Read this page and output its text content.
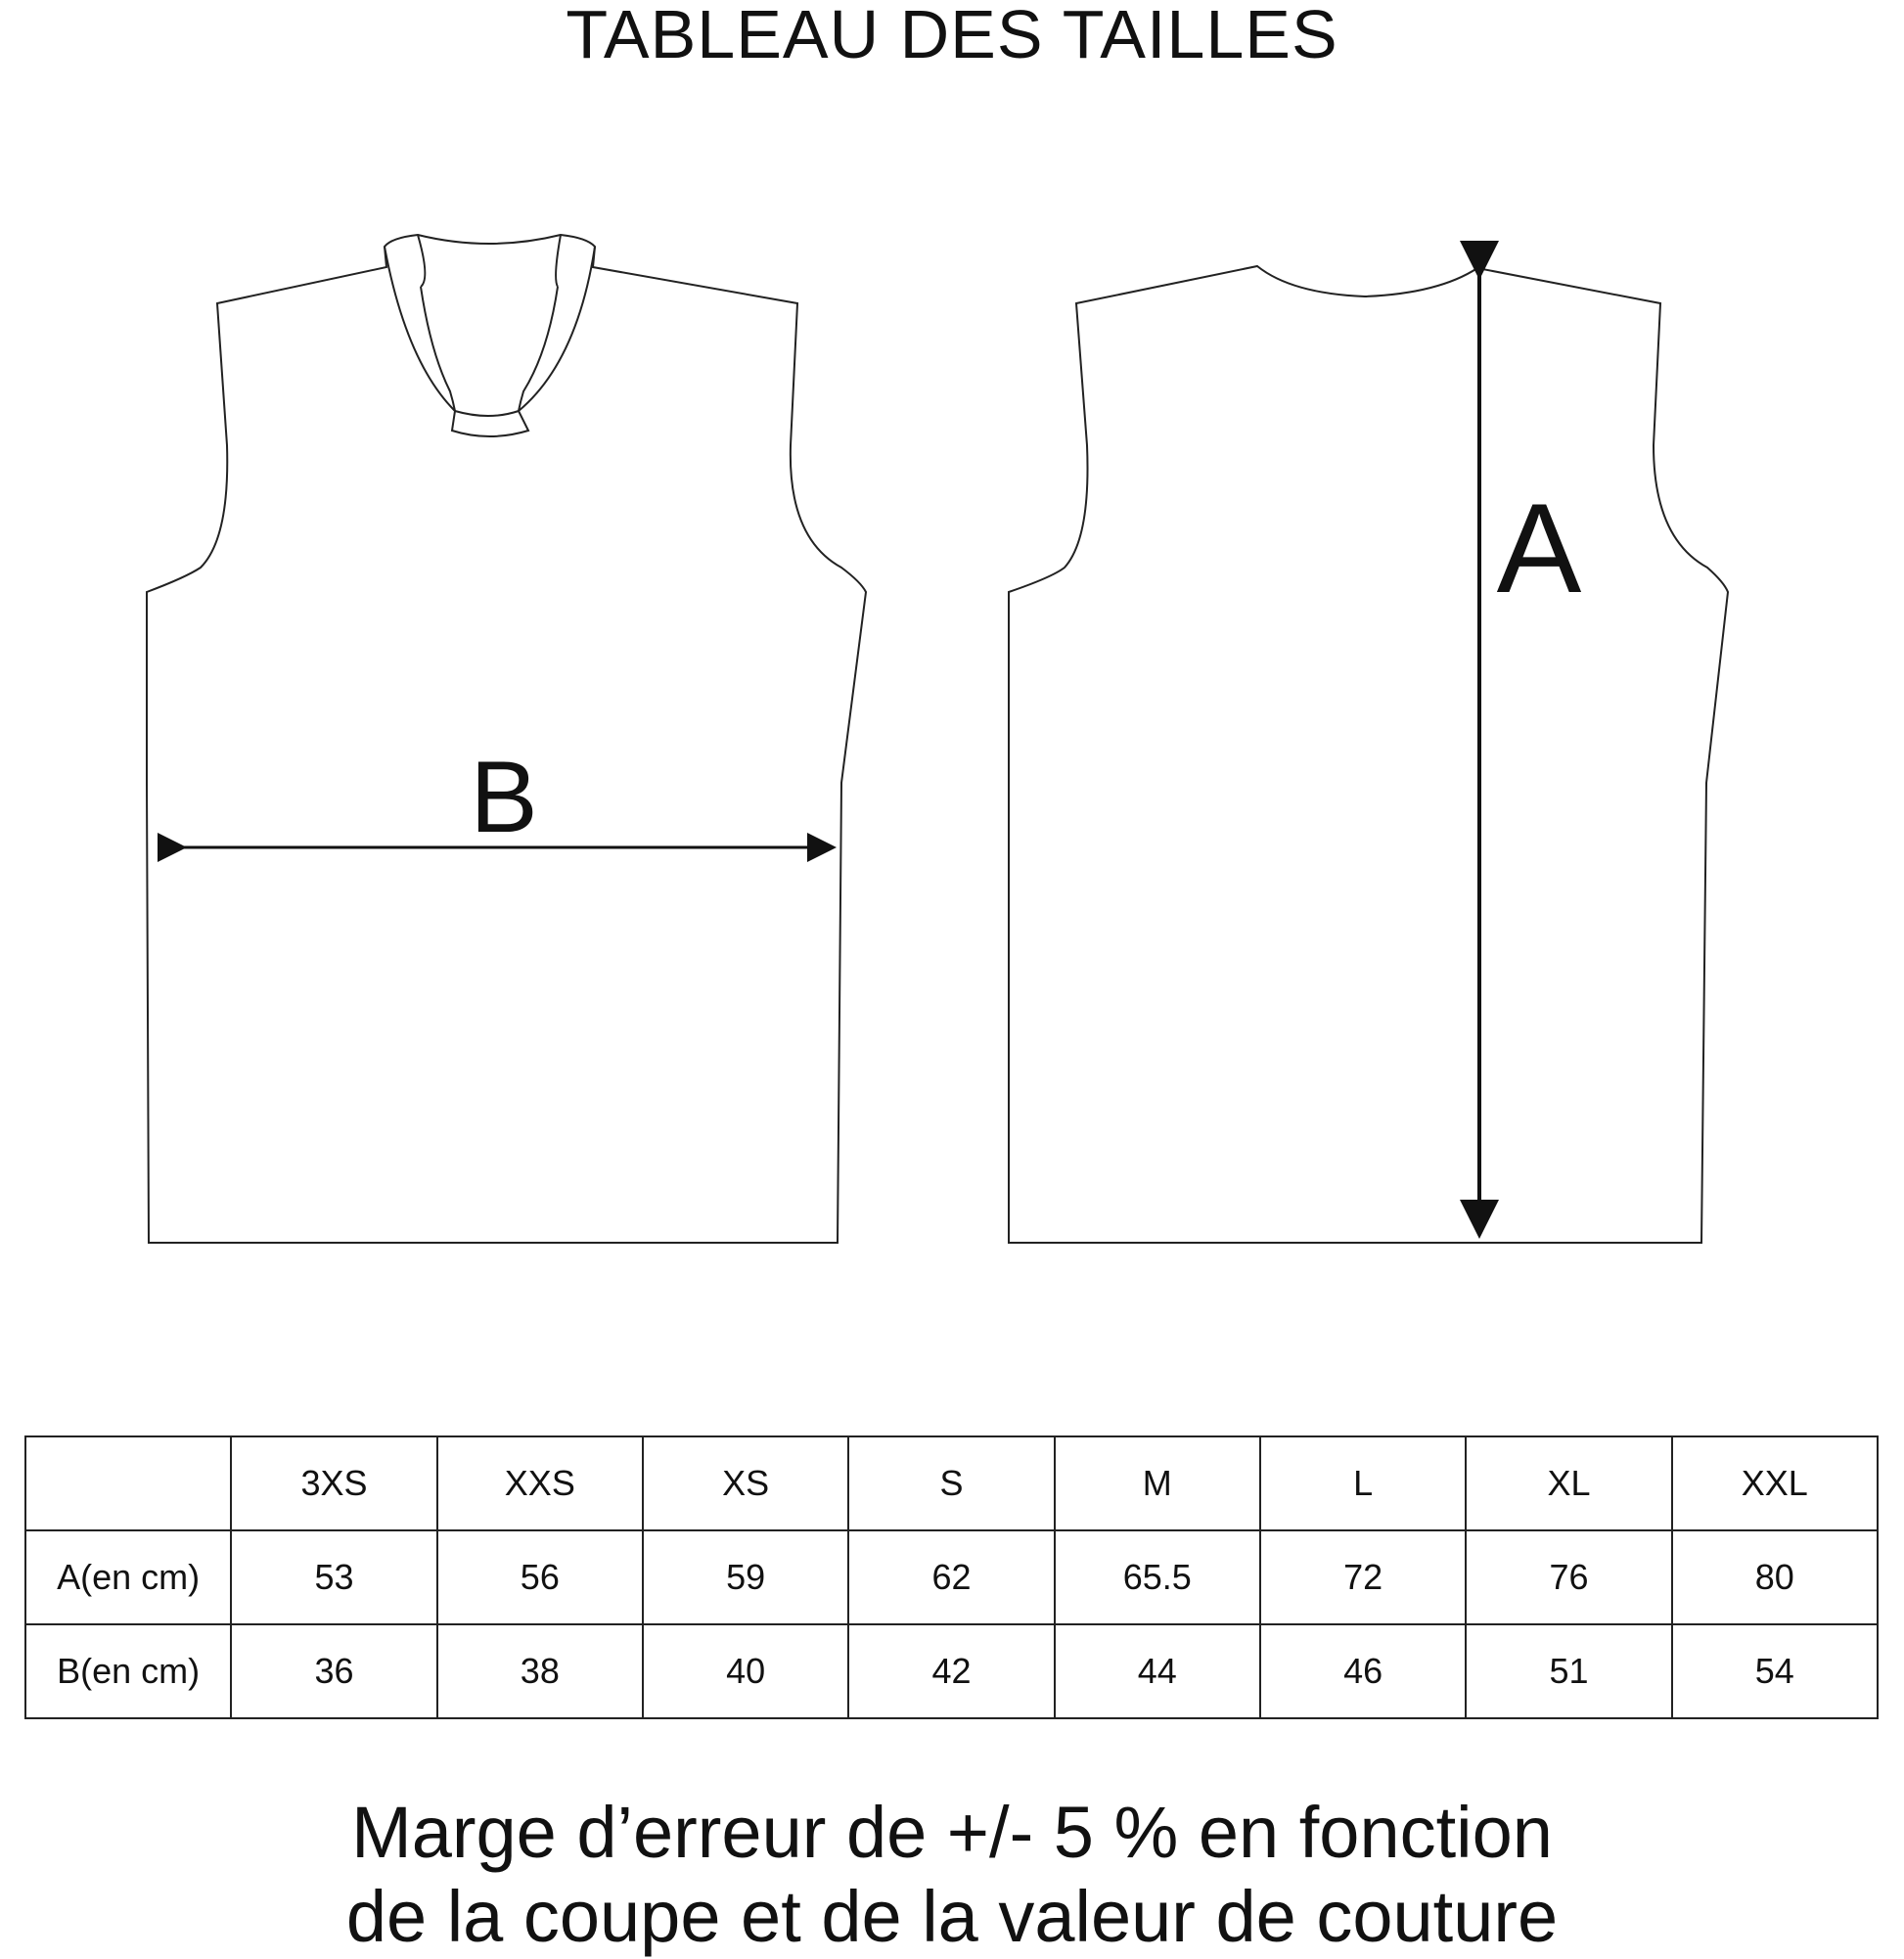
TABLEAU DES TAILLES
B
A
	3XS	XXS	XS	S	M	L	XL	XXL
A(en cm)	53	56	59	62	65.5	72	76	80
B(en cm)	36	38	40	42	44	46	51	54
Marge d’erreur de +/- 5 % en fonction
de la coupe et de la valeur de couture
